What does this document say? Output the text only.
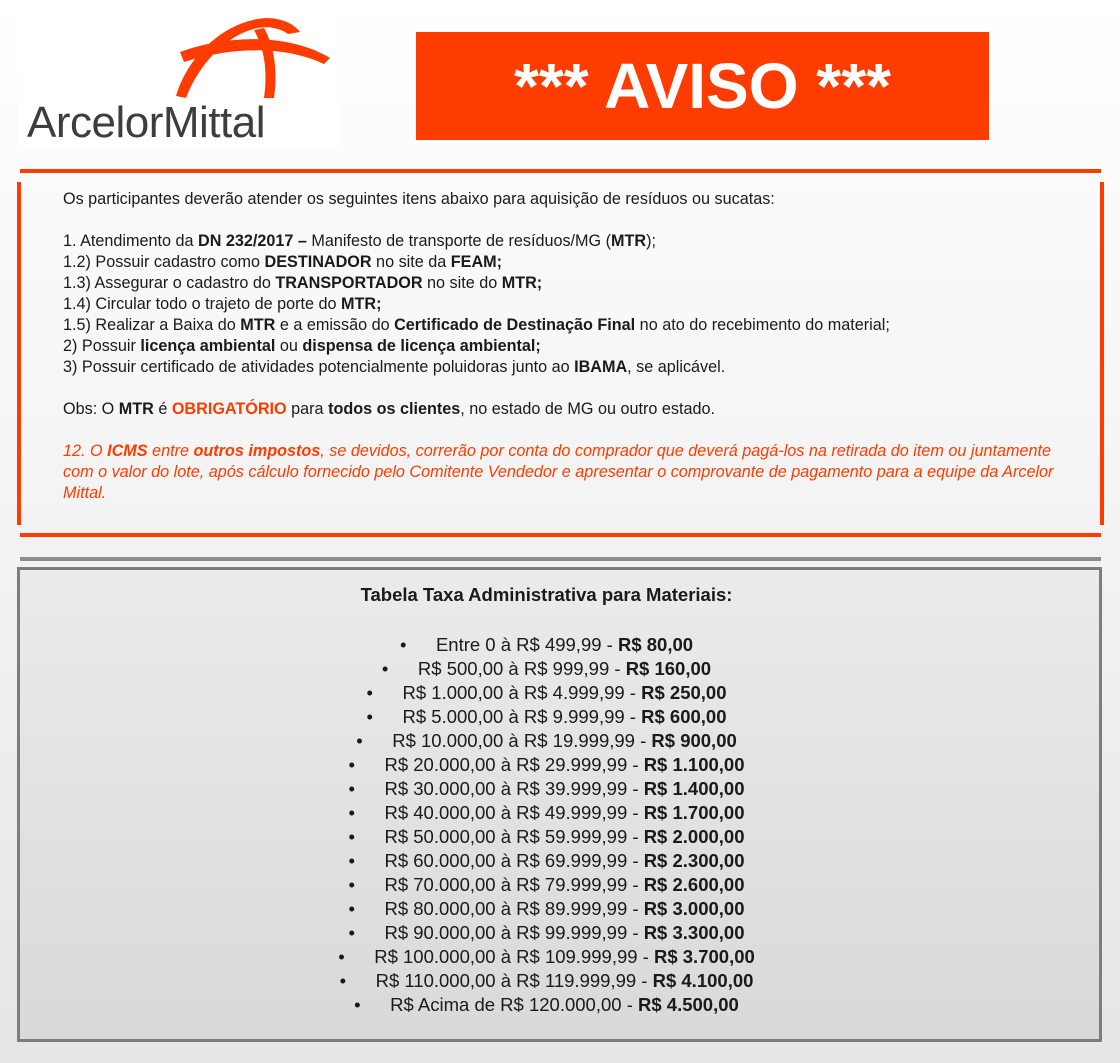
ArcelorMittal
*** AVISO ***

Os participantes deverão atender os seguintes itens abaixo para aquisição de resíduos ou sucatas:

1. Atendimento da DN 232/2017 – Manifesto de transporte de resíduos/MG (MTR);

1.2) Possuir cadastro como DESTINADOR no site da FEAM;

1.3) Assegurar o cadastro do TRANSPORTADOR no site do MTR;

1.4) Circular todo o trajeto de porte do MTR;

1.5) Realizar a Baixa do MTR e a emissão do Certificado de Destinação Final no ato do recebimento do material;

2) Possuir licença ambiental ou dispensa de licença ambiental;

3) Possuir certificado de atividades potencialmente poluidoras junto ao IBAMA, se aplicável.

Obs: O MTR é OBRIGATÓRIO para todos os clientes, no estado de MG ou outro estado.

12. O ICMS entre outros impostos, se devidos, correrão por conta do comprador que deverá pagá-los na retirada do item ou juntamente com o valor do lote, após cálculo fornecido pelo Comitente Vendedor e apresentar o comprovante de pagamento para a equipe da Arcelor Mittal.

Tabela Taxa Administrativa para Materiais:
• Entre 0 à R$ 499,99 - R$ 80,00
• R$ 500,00 à R$ 999,99 - R$ 160,00
• R$ 1.000,00 à R$ 4.999,99 - R$ 250,00
• R$ 5.000,00 à R$ 9.999,99 - R$ 600,00
• R$ 10.000,00 à R$ 19.999,99 - R$ 900,00
• R$ 20.000,00 à R$ 29.999,99 - R$ 1.100,00
• R$ 30.000,00 à R$ 39.999,99 - R$ 1.400,00
• R$ 40.000,00 à R$ 49.999,99 - R$ 1.700,00
• R$ 50.000,00 à R$ 59.999,99 - R$ 2.000,00
• R$ 60.000,00 à R$ 69.999,99 - R$ 2.300,00
• R$ 70.000,00 à R$ 79.999,99 - R$ 2.600,00
• R$ 80.000,00 à R$ 89.999,99 - R$ 3.000,00
• R$ 90.000,00 à R$ 99.999,99 - R$ 3.300,00
• R$ 100.000,00 à R$ 109.999,99 - R$ 3.700,00
• R$ 110.000,00 à R$ 119.999,99 - R$ 4.100,00
• R$ Acima de R$ 120.000,00 - R$ 4.500,00
